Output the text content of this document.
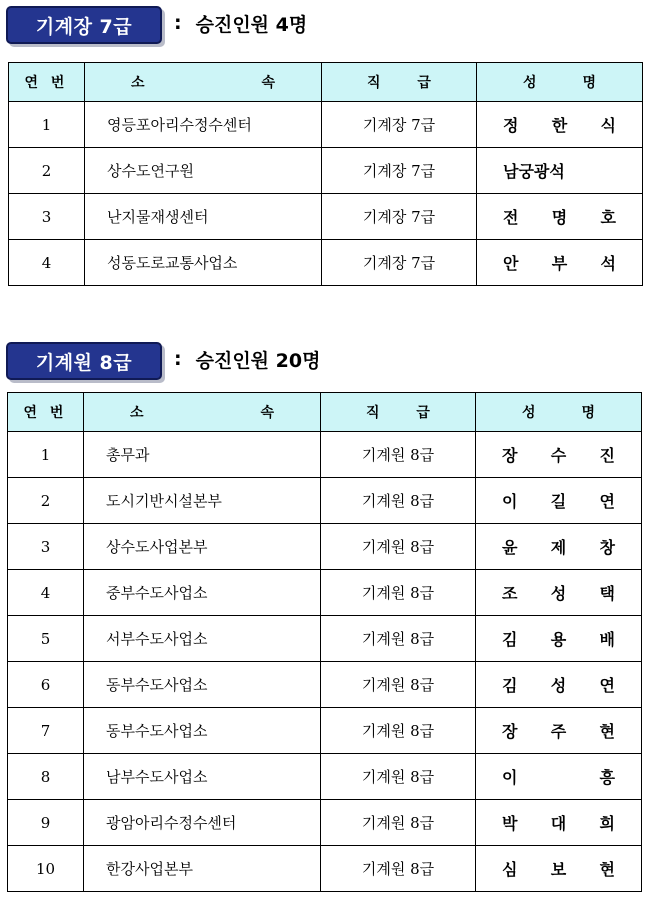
기계장 7급	: 승진인원 4명
연 번	소 속	직 급	성 명
1	영등포아리수정수센터	기계장 7급	정 한 식
2	상수도연구원	기계장 7급	남궁광석
3	난지물재생센터	기계장 7급	전 명 호
4	성동도로교통사업소	기계장 7급	안 부 석
기계원 8급	: 승진인원 20명
연 번	소 속	직 급	성 명
1	총무과	기계원 8급	장 수 진
2	도시기반시설본부	기계원 8급	이 길 연
3	상수도사업본부	기계원 8급	윤 제 창
4	중부수도사업소	기계원 8급	조 성 택
5	서부수도사업소	기계원 8급	김 용 배
6	동부수도사업소	기계원 8급	김 성 연
7	동부수도사업소	기계원 8급	장 주 현
8	남부수도사업소	기계원 8급	이 흥
9	광암아리수정수센터	기계원 8급	박 대 희
10	한강사업본부	기계원 8급	심 보 현
